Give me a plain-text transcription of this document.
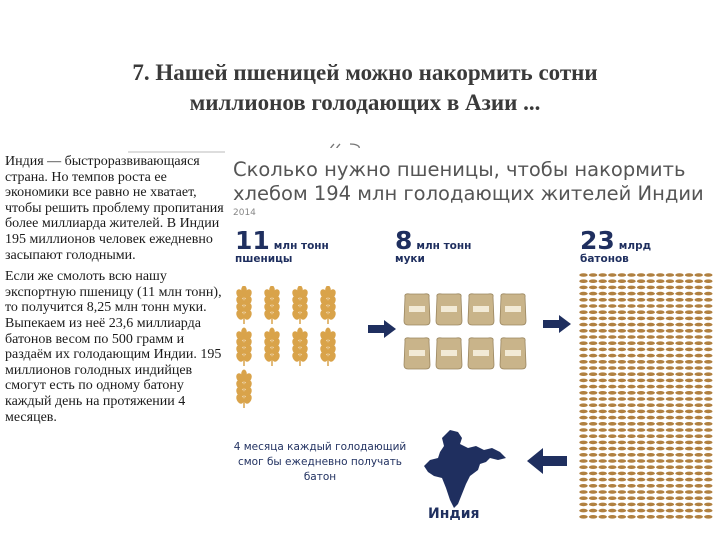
7. Нашей пшеницей можно накормить сотни
миллионов голодающих в Азии ...

Индия — быстроразвивающаяся страна. Но темпов роста ее экономики все равно не хватает, чтобы решить проблему пропитания более миллиарда жителей. В Индии 195 миллионов человек ежедневно засыпают голодными.

Если же смолоть всю нашу экспортную пшеницу (11 млн тонн), то получится 8,25 млн тонн муки. Выпекаем из неё 23,6 миллиарда батонов весом по 500 грамм и раздаём их голодающим Индии. 195 миллионов голодных индийцев смогут есть по одному батону каждый день на протяжении 4 месяцев.

Сколько нужно пшеницы, чтобы накормить
хлебом 194 млн голодающих жителей Индии
2014
11 млн тонн
пшеницы
8 млн тонн
муки
23 млрд
батонов
4 месяца каждый голодающий
смог бы ежедневно получать
батон
Индия
